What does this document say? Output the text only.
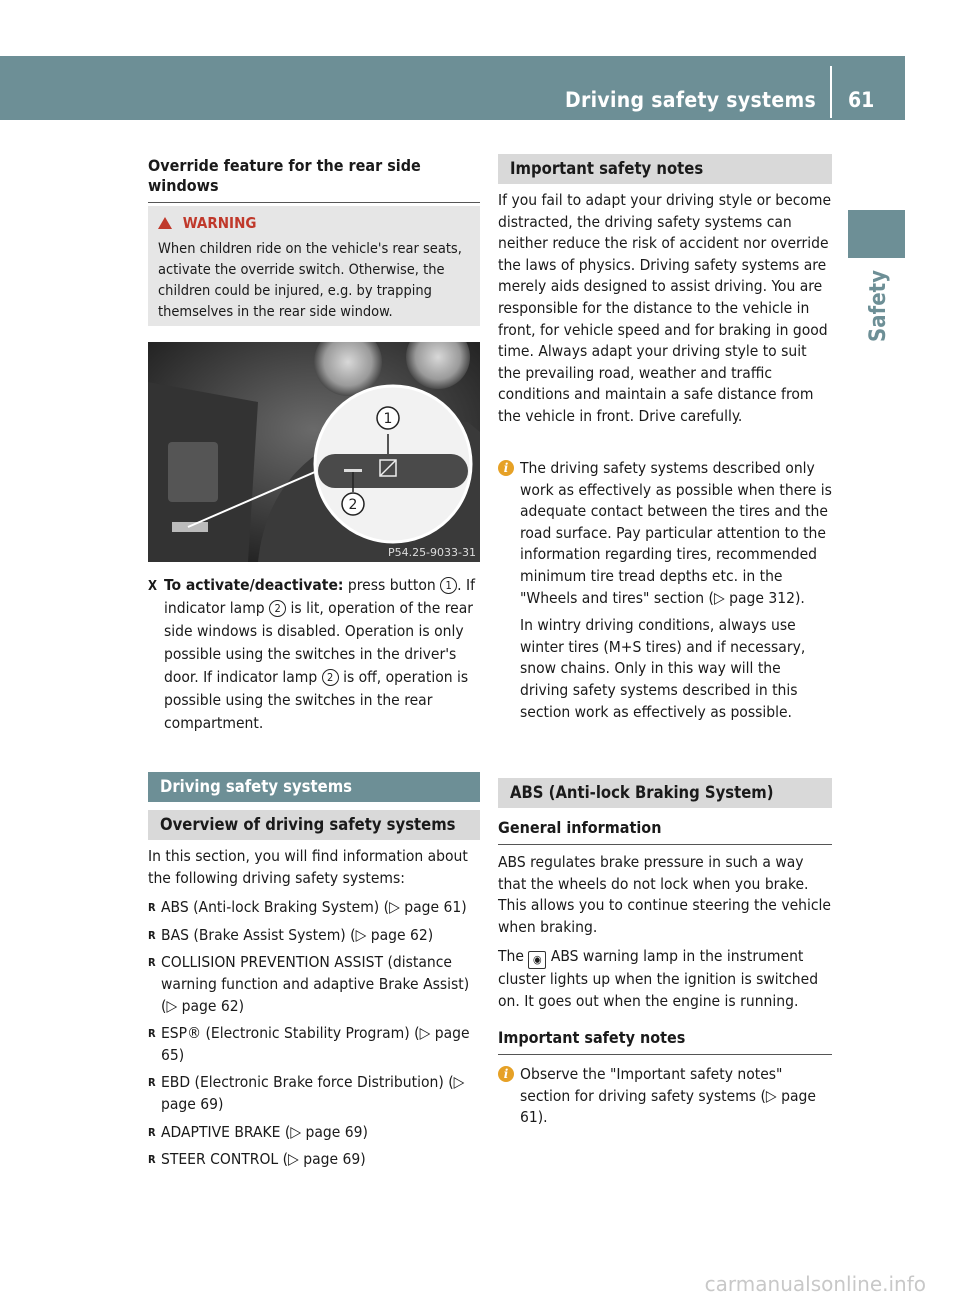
Driving safety systems 61
Safety
Override feature for the rear side windows
WARNING

When children ride on the vehicle's rear seats, activate the override switch. Otherwise, the children could be injured, e.g. by trapping themselves in the rear side window.

1
2
P54.25-9033-31
X To activate/deactivate: press button 1 . If indicator lamp 2 is lit, operation of the rear side windows is disabled. Operation is only possible using the switches in the driver's door. If indicator lamp 2 is off, operation is possible using the switches in the rear compartment.
Driving safety systems
Overview of driving safety systems

In this section, you will find information about the following driving safety systems:

R ABS (Anti-lock Braking System) (▷ page 61)
R BAS (Brake Assist System) (▷ page 62)
R COLLISION PREVENTION ASSIST (distance warning function and adaptive Brake Assist) (▷ page 62)
R ESP® (Electronic Stability Program) (▷ page 65)
R EBD (Electronic Brake force Distribution) (▷ page 69)
R ADAPTIVE BRAKE (▷ page 69)
R STEER CONTROL (▷ page 69)
Important safety notes

If you fail to adapt your driving style or become distracted, the driving safety systems can neither reduce the risk of accident nor override the laws of physics. Driving safety systems are merely aids designed to assist driving. You are responsible for the distance to the vehicle in front, for vehicle speed and for braking in good time. Always adapt your driving style to suit the prevailing road, weather and traffic conditions and maintain a safe distance from the vehicle in front. Drive carefully.

i The driving safety systems described only work as effectively as possible when there is adequate contact between the tires and the road surface. Pay particular attention to the information regarding tires, recommended minimum tire tread depths etc. in the "Wheels and tires" section (▷ page 312).

In wintry driving conditions, always use winter tires (M+S tires) and if necessary, snow chains. Only in this way will the driving safety systems described in this section work as effectively as possible.

ABS (Anti-lock Braking System)
General information

ABS regulates brake pressure in such a way that the wheels do not lock when you brake. This allows you to continue steering the vehicle when braking.

The ◉ ABS warning lamp in the instrument cluster lights up when the ignition is switched on. It goes out when the engine is running.

Important safety notes
i Observe the "Important safety notes" section for driving safety systems (▷ page 61).

carmanualsonline.info
